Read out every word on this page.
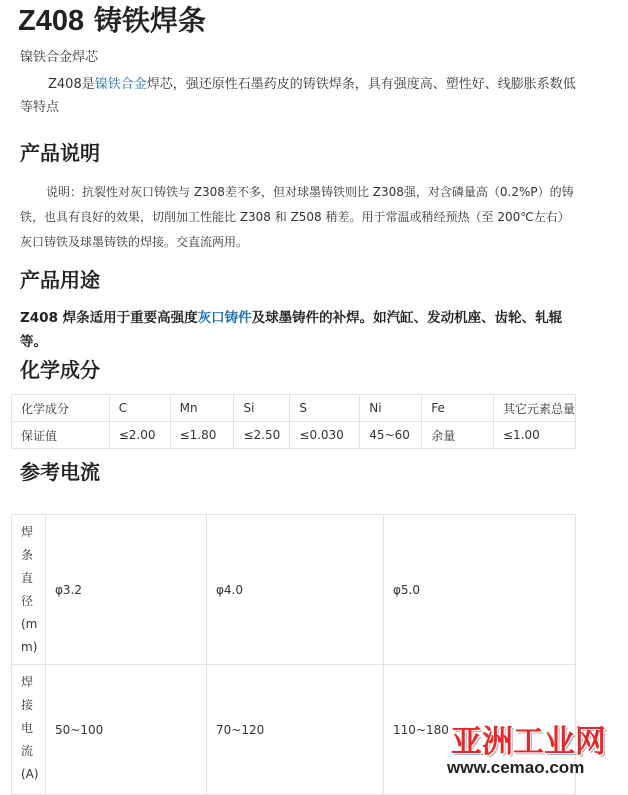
Z408 铸铁焊条
镍铁合金焊芯
Z408是镍铁合金焊芯，强还原性石墨药皮的铸铁焊条，具有强度高、塑性好、线膨胀系数低等特点
产品说明
说明：抗裂性对灰口铸铁与 Z308差不多，但对球墨铸铁则比 Z308强，对含磷量高（0.2%P）的铸铁，也具有良好的效果，切削加工性能比 Z308 和 Z508 稍差。用于常温或稍经预热（至 200℃左右）灰口铸铁及球墨铸铁的焊接。交直流两用。
产品用途
Z408 焊条适用于重要高强度灰口铸件及球墨铸件的补焊。如汽缸、发动机座、齿轮、轧辊等。
化学成分
化学成分	C	Mn	Si	S	Ni	Fe	其它元素总量
保证值	≤2.00	≤1.80	≤2.50	≤0.030	45~60	余量	≤1.00
参考电流
焊条直径(mm)	φ3.2	φ4.0	φ5.0

焊接电流(A)	50~100	70~120	110~180 亚洲工业网
www.cemao.com
